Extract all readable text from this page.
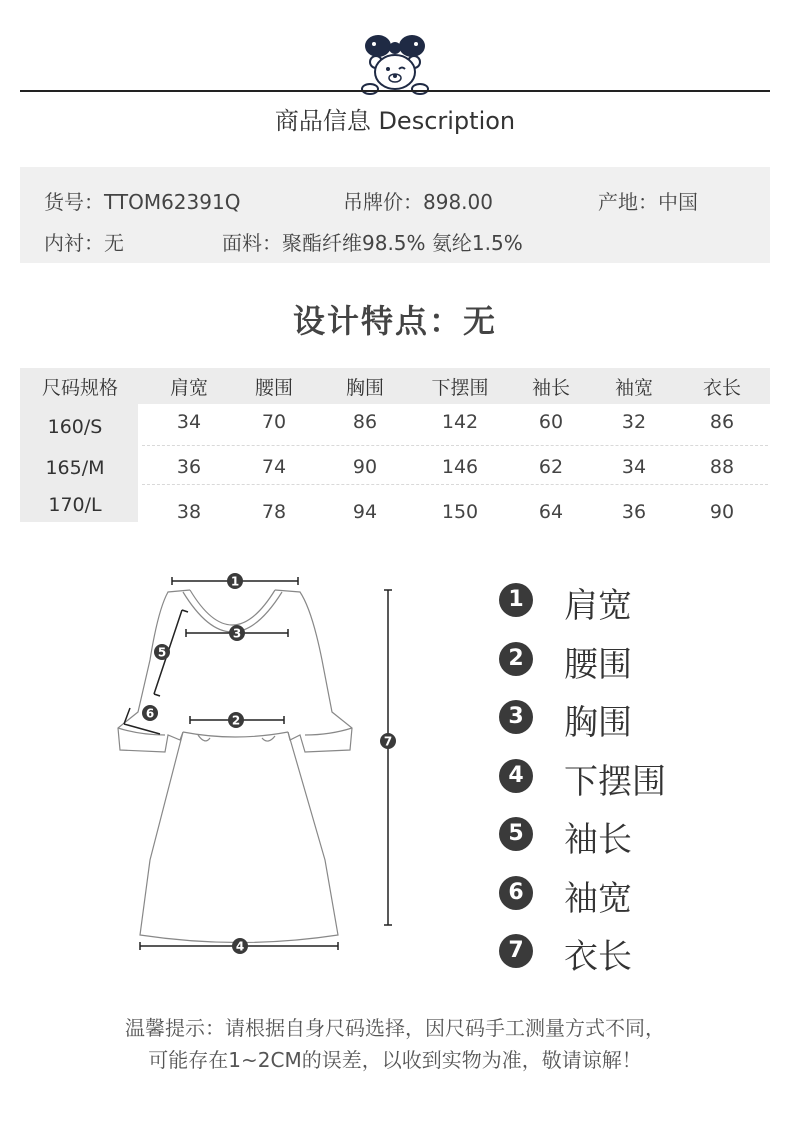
商品信息 Description
货号：TTOM62391Q	吊牌价：898.00	产地：中国
内衬：无	面料：聚酯纤维98.5% 氨纶1.5%
设计特点：无
尺码规格	肩宽	腰围	胸围	下摆围	袖长	袖宽	衣长
160/S	34	70	86	142	60	32	86
165/M	36	74	90	146	62	34	88
170/L	38	78	94	150	64	36	90
1
3
2
4
7
5
6
1 肩宽
2 腰围
3 胸围
4 下摆围
5 袖长
6 袖宽
7 衣长
温馨提示：请根据自身尺码选择，因尺码手工测量方式不同，
可能存在1~2CM的误差，以收到实物为准，敬请谅解！
